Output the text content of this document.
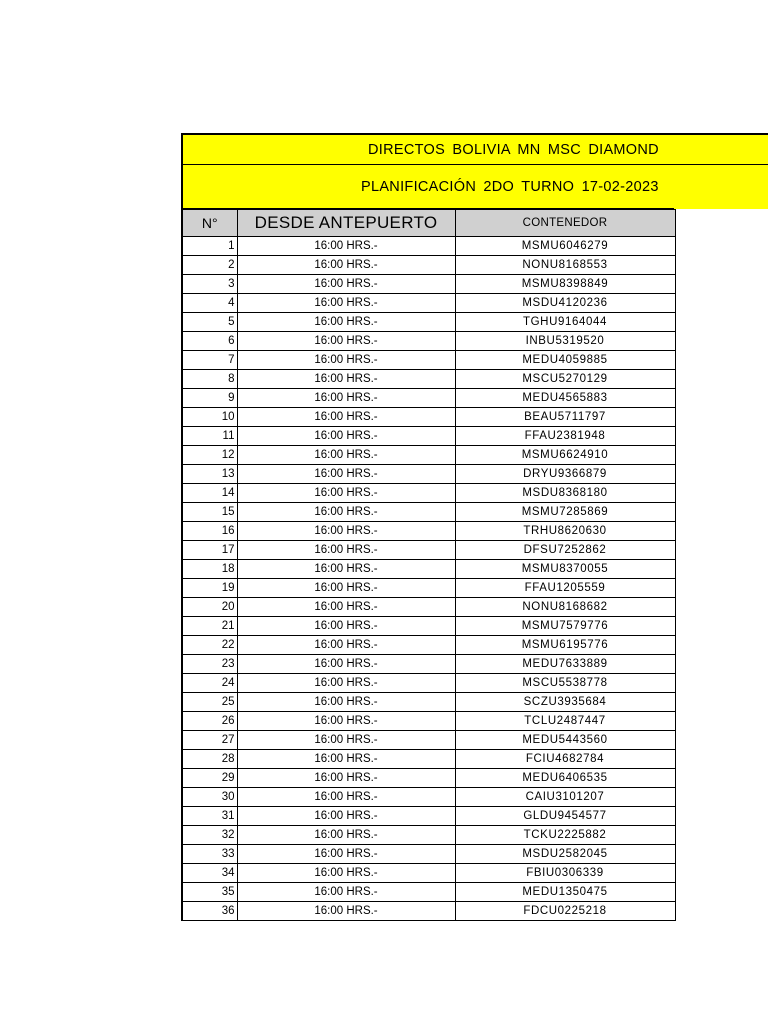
DIRECTOS BOLIVIA MN MSC DIAMOND
PLANIFICACIÓN 2DO TURNO 17-02-2023
N°	DESDE ANTEPUERTO	CONTENEDOR
1	16:00 HRS.-	MSMU6046279
2	16:00 HRS.-	NONU8168553
3	16:00 HRS.-	MSMU8398849
4	16:00 HRS.-	MSDU4120236
5	16:00 HRS.-	TGHU9164044
6	16:00 HRS.-	INBU5319520
7	16:00 HRS.-	MEDU4059885
8	16:00 HRS.-	MSCU5270129
9	16:00 HRS.-	MEDU4565883
10	16:00 HRS.-	BEAU5711797
11	16:00 HRS.-	FFAU2381948
12	16:00 HRS.-	MSMU6624910
13	16:00 HRS.-	DRYU9366879
14	16:00 HRS.-	MSDU8368180
15	16:00 HRS.-	MSMU7285869
16	16:00 HRS.-	TRHU8620630
17	16:00 HRS.-	DFSU7252862
18	16:00 HRS.-	MSMU8370055
19	16:00 HRS.-	FFAU1205559
20	16:00 HRS.-	NONU8168682
21	16:00 HRS.-	MSMU7579776
22	16:00 HRS.-	MSMU6195776
23	16:00 HRS.-	MEDU7633889
24	16:00 HRS.-	MSCU5538778
25	16:00 HRS.-	SCZU3935684
26	16:00 HRS.-	TCLU2487447
27	16:00 HRS.-	MEDU5443560
28	16:00 HRS.-	FCIU4682784
29	16:00 HRS.-	MEDU6406535
30	16:00 HRS.-	CAIU3101207
31	16:00 HRS.-	GLDU9454577
32	16:00 HRS.-	TCKU2225882
33	16:00 HRS.-	MSDU2582045
34	16:00 HRS.-	FBIU0306339
35	16:00 HRS.-	MEDU1350475
36	16:00 HRS.-	FDCU0225218
